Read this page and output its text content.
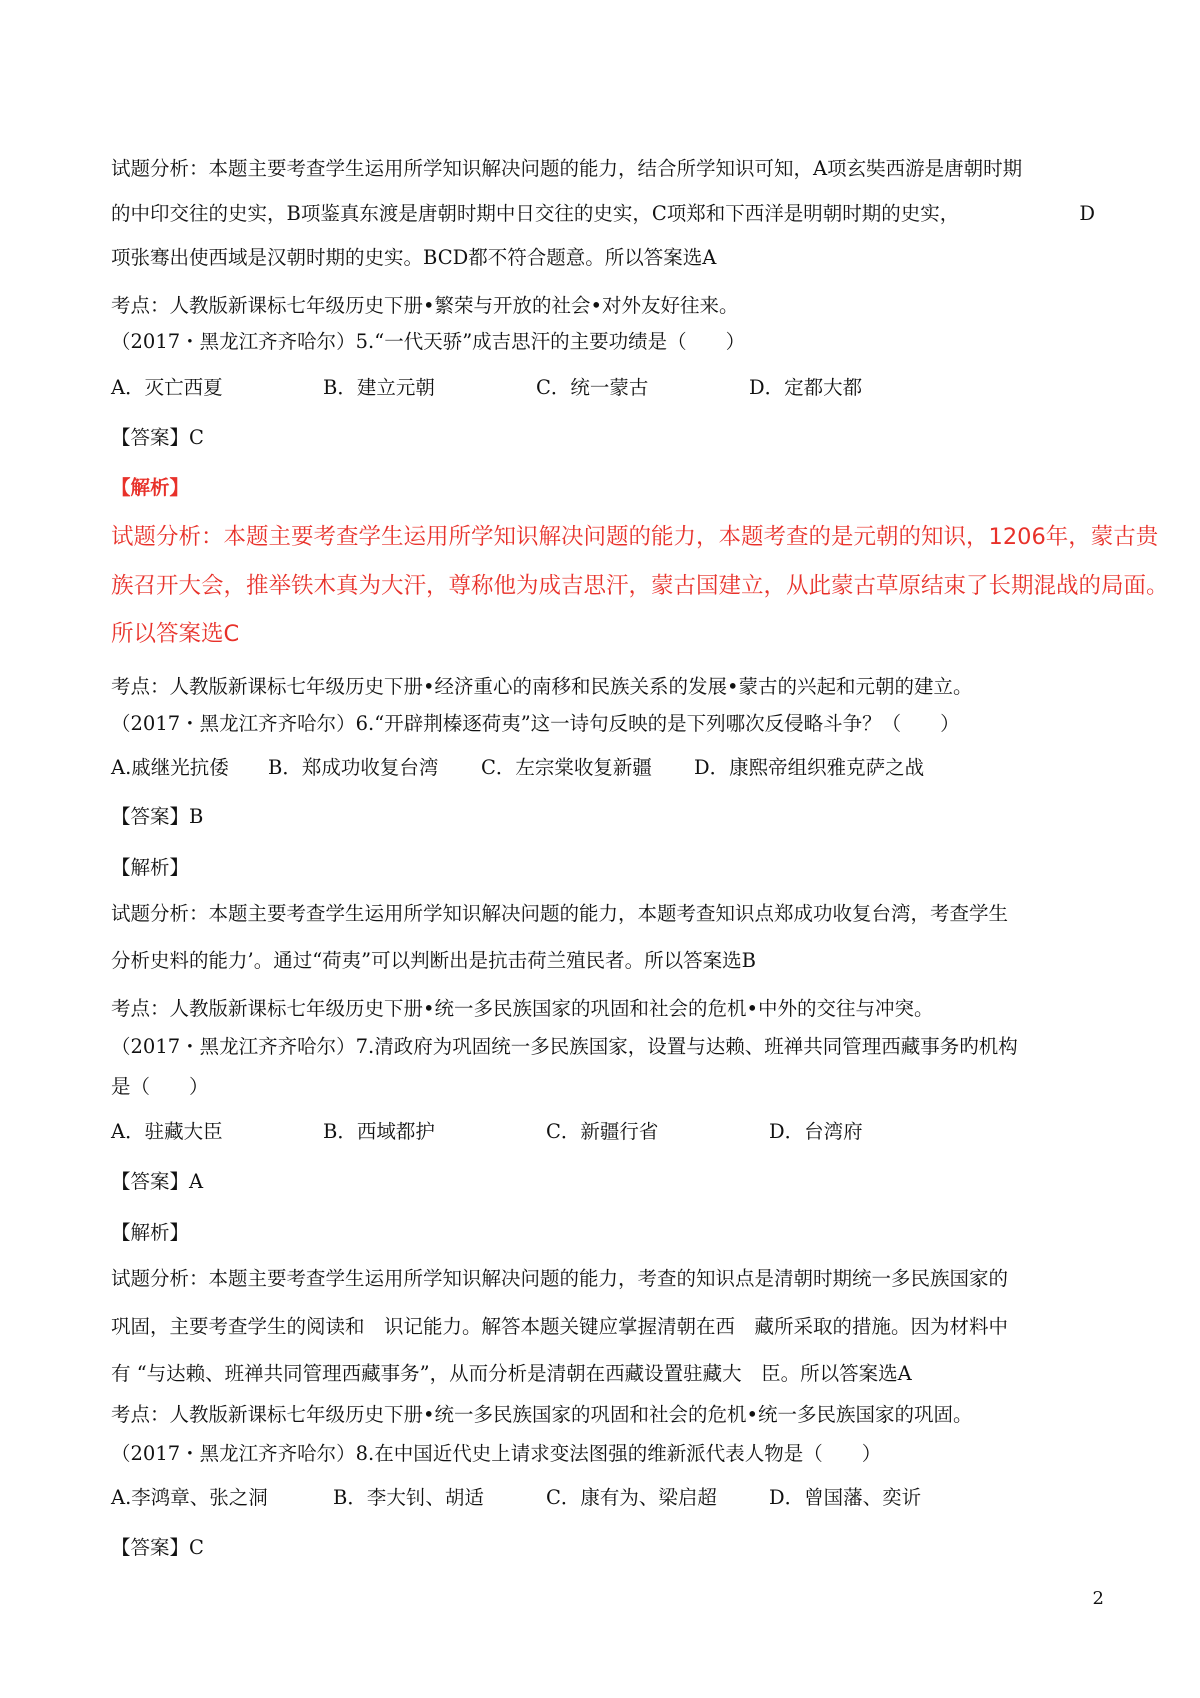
试题分析：本题主要考查学生运用所学知识解决问题的能力，结合所学知识可知，A项玄奘西游是唐朝时期
的中印交往的史实，B项鉴真东渡是唐朝时期中日交往的史实，C项郑和下西洋是明朝时期的史实，	D
项张骞出使西域是汉朝时期的史实。BCD都不符合题意。所以答案选A
考点：人教版新课标七年级历史下册•繁荣与开放的社会•对外友好往来。
（2017・黑龙江齐齐哈尔）5.“一代天骄”成吉思汗的主要功绩是（　　）
A．灭亡西夏	B．建立元朝	C．统一蒙古	D．定都大都
【答案】C
【解析】
试题分析：本题主要考查学生运用所学知识解决问题的能力，本题考查的是元朝的知识，1206年，蒙古贵
族召开大会，推举铁木真为大汗，尊称他为成吉思汗，蒙古国建立，从此蒙古草原结束了长期混战的局面。
所以答案选C
考点：人教版新课标七年级历史下册•经济重心的南移和民族关系的发展•蒙古的兴起和元朝的建立。
（2017・黑龙江齐齐哈尔）6.“开辟荆榛逐荷夷”这一诗句反映的是下列哪次反侵略斗争？（　　）
A.戚继光抗倭 B．郑成功收复台湾 C．左宗棠收复新疆 D．康熙帝组织雅克萨之战
【答案】B
【解析】
试题分析：本题主要考查学生运用所学知识解决问题的能力，本题考查知识点郑成功收复台湾，考查学生
分析史料的能力’。通过“荷夷”可以判断出是抗击荷兰殖民者。所以答案选B
考点：人教版新课标七年级历史下册•统一多民族国家的巩固和社会的危机•中外的交往与冲突。
（2017・黑龙江齐齐哈尔）7.清政府为巩固统一多民族国家，设置与达赖、班禅共同管理西藏事务旳机构
是（　　）
A．驻藏大臣	B．西域都护	C．新疆行省	D．台湾府
【答案】A
【解析】
试题分析：本题主要考查学生运用所学知识解决问题的能力，考查的知识点是清朝时期统一多民族国家的
巩固，主要考查学生的阅读和　识记能力。解答本题关键应掌握清朝在西　藏所采取的措施。因为材料中
有 “与达赖、班禅共同管理西藏事务”，从而分析是清朝在西藏设置驻藏大　臣。所以答案选A
考点：人教版新课标七年级历史下册•统一多民族国家的巩固和社会的危机•统一多民族国家的巩固。
（2017・黑龙江齐齐哈尔）8.在中国近代史上请求变法图强的维新派代表人物是（　　）
A.李鸿章、张之洞	B．李大钊、胡适	C．康有为、梁启超	D．曾国藩、奕䜣
【答案】C
2
